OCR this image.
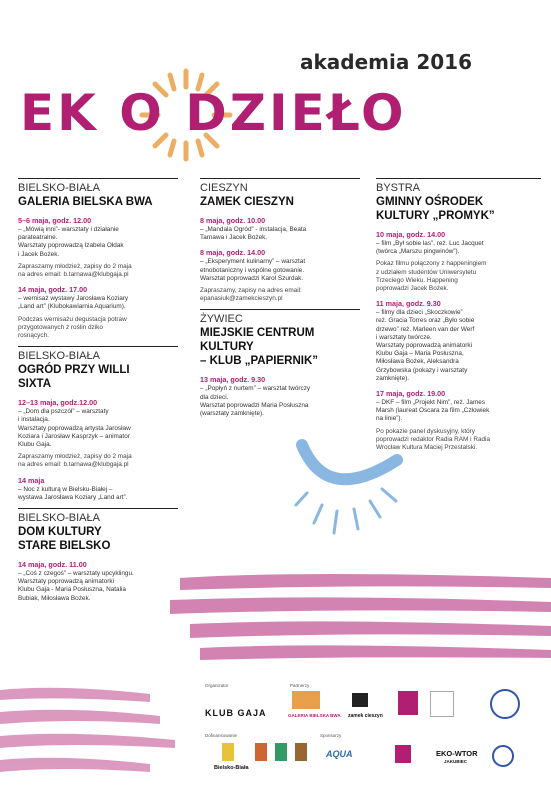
akademia 2016
EK O DZIEŁO
BIELSKO-BIAŁA
GALERIA BIELSKA BWA
5–6 maja, godz. 12.00

– „Mówią inni”- warsztaty i działanie
parateatralne.
Warsztaty poprowadzą Izabela Ołdak
i Jacek Bożek.

Zapraszamy młodzież, zapisy do 2 maja
na adres email: b.tarnawa@klubgaja.pl

14 maja, godz. 17.00

– wernisaż wystawy Jarosława Koziary
„Land art” (Klubokawiarnia Aquarium).

Podczas wernisażu degustacja potraw
przygotowanych z roślin dziko
rosnących.

BIELSKO-BIAŁA
OGRÓD PRZY WILLI
SIXTA
12–13 maja, godz.12.00

– „Dom dla pszczół” – warsztaty
i instalacja.
Warsztaty poprowadzą artysta Jarosław
Koziara i Jarosław Kasprzyk – animator
Klubu Gaja.

Zapraszamy młodzież, zapisy do 2 maja
na adres email: b.tarnawa@klubgaja.pl

14 maja

– Noc z kulturą w Bielsku-Białej –
wystawa Jarosława Koziary „Land art”.

BIELSKO-BIAŁA
DOM KULTURY
STARE BIELSKO
14 maja, godz. 11.00

– „Coś z czegoś” – warsztaty upcyklingu.
Warsztaty poprowadzą animatorki
Klubu Gaja - Maria Posłuszna, Natalia
Bubiak, Miłosława Bożek.

CIESZYN
ZAMEK CIESZYN
8 maja, godz. 10.00

– „Mandala Ogród” - instalacja, Beata
Tarnawa i Jacek Bożek.

8 maja, godz. 14.00

– „Eksperyment kulinarny” – warsztat
etnobotaniczny i wspólne gotowanie.
Warsztat poprowadzi Karol Szurdak.

Zapraszamy, zapisy na adres email:
epanasiuk@zamekcieszyn.pl

ŻYWIEC
MIEJSKIE CENTRUM
KULTURY
– KLUB „PAPIERNIK”
13 maja, godz. 9.30

– „Popłyń z nurtem” – warsztat twórczy
dla dzieci.
Warsztat poprowadzi Maria Posłuszna
(warsztaty zamknięte).

BYSTRA
GMINNY OŚRODEK
KULTURY „PROMYK”
10 maja, godz. 14.00

– film „Był sobie las”, reż. Luc Jacquet
(twórca „Marszu pingwinów”).

Pokaz filmu połączony z happeningiem
z udziałem studentów Uniwersytetu
Trzeciego Wieku. Happening
poprowadzi Jacek Bożek.

11 maja, godz. 9.30

– filmy dla dzieci „Skoczkowie”
reż. Gracia Torres oraz „Było sobie
drzewo” reż. Marleen van der Werf
i warsztaty twórcze.
Warsztaty poprowadzą animatorki
Klubu Gaja – Maria Posłuszna,
Miłosława Bożek, Aleksandra
Grzybowska (pokazy i warsztaty
zamknięte).

17 maja, godz. 19.00

– DKF – film „Projekt Nim”, reż. James
Marsh (laureat Oscara za film „Człowiek
na linie”).

Po pokazie panel dyskusyjny, który
poprowadzi redaktor Radia RAM i Radia
Wrocław Kultura Maciej Przestalski.

Organizator
KLUB GAJA
Partnerzy
GALERIA BIELSKA BWA zamek cieszyn
Dofinansowanie
Bielsko-Biała
Sponsorzy
AQUA	EKO-WTOR
JAKUBIEC
